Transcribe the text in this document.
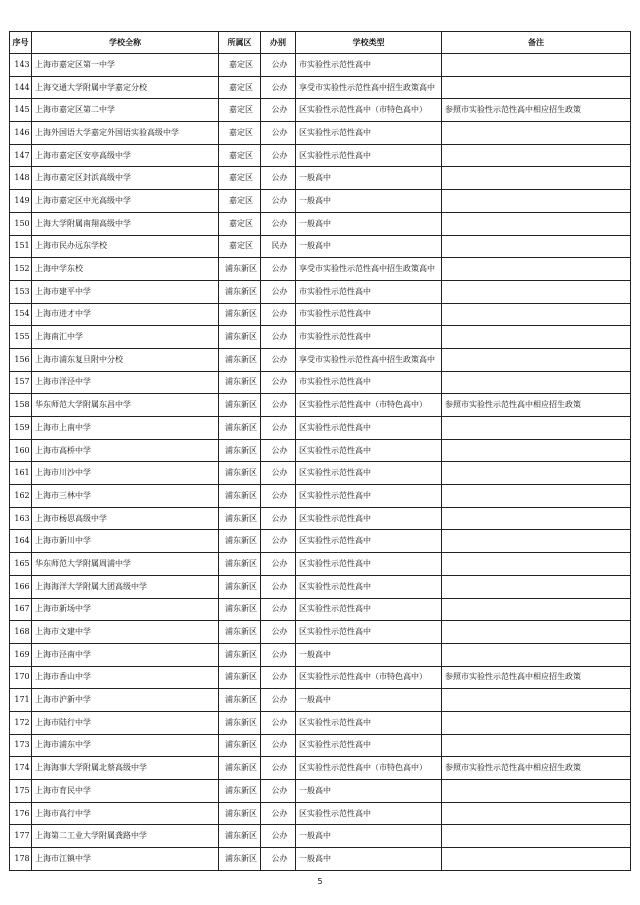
序号	学校全称	所属区	办别	学校类型	备注
143	上海市嘉定区第一中学	嘉定区	公办	市实验性示范性高中	
144	上海交通大学附属中学嘉定分校	嘉定区	公办	享受市实验性示范性高中招生政策高中	
145	上海市嘉定区第二中学	嘉定区	公办	区实验性示范性高中（市特色高中）	参照市实验性示范性高中相应招生政策
146	上海外国语大学嘉定外国语实验高级中学	嘉定区	公办	区实验性示范性高中	
147	上海市嘉定区安亭高级中学	嘉定区	公办	区实验性示范性高中	
148	上海市嘉定区封浜高级中学	嘉定区	公办	一般高中	
149	上海市嘉定区中光高级中学	嘉定区	公办	一般高中	
150	上海大学附属南翔高级中学	嘉定区	公办	一般高中	
151	上海市民办远东学校	嘉定区	民办	一般高中	
152	上海中学东校	浦东新区	公办	享受市实验性示范性高中招生政策高中	
153	上海市建平中学	浦东新区	公办	市实验性示范性高中	
154	上海市进才中学	浦东新区	公办	市实验性示范性高中	
155	上海南汇中学	浦东新区	公办	市实验性示范性高中	
156	上海市浦东复旦附中分校	浦东新区	公办	享受市实验性示范性高中招生政策高中	
157	上海市洋泾中学	浦东新区	公办	市实验性示范性高中	
158	华东师范大学附属东昌中学	浦东新区	公办	区实验性示范性高中（市特色高中）	参照市实验性示范性高中相应招生政策
159	上海市上南中学	浦东新区	公办	区实验性示范性高中	
160	上海市高桥中学	浦东新区	公办	区实验性示范性高中	
161	上海市川沙中学	浦东新区	公办	区实验性示范性高中	
162	上海市三林中学	浦东新区	公办	区实验性示范性高中	
163	上海市杨思高级中学	浦东新区	公办	区实验性示范性高中	
164	上海市新川中学	浦东新区	公办	区实验性示范性高中	
165	华东师范大学附属周浦中学	浦东新区	公办	区实验性示范性高中	
166	上海海洋大学附属大团高级中学	浦东新区	公办	区实验性示范性高中	
167	上海市新场中学	浦东新区	公办	区实验性示范性高中	
168	上海市文建中学	浦东新区	公办	区实验性示范性高中	
169	上海市泾南中学	浦东新区	公办	一般高中	
170	上海市香山中学	浦东新区	公办	区实验性示范性高中（市特色高中）	参照市实验性示范性高中相应招生政策
171	上海市沪新中学	浦东新区	公办	一般高中	
172	上海市陆行中学	浦东新区	公办	区实验性示范性高中	
173	上海市浦东中学	浦东新区	公办	区实验性示范性高中	
174	上海海事大学附属北蔡高级中学	浦东新区	公办	区实验性示范性高中（市特色高中）	参照市实验性示范性高中相应招生政策
175	上海市育民中学	浦东新区	公办	一般高中	
176	上海市高行中学	浦东新区	公办	区实验性示范性高中	
177	上海第二工业大学附属龚路中学	浦东新区	公办	一般高中	
178	上海市江镇中学	浦东新区	公办	一般高中	
5
